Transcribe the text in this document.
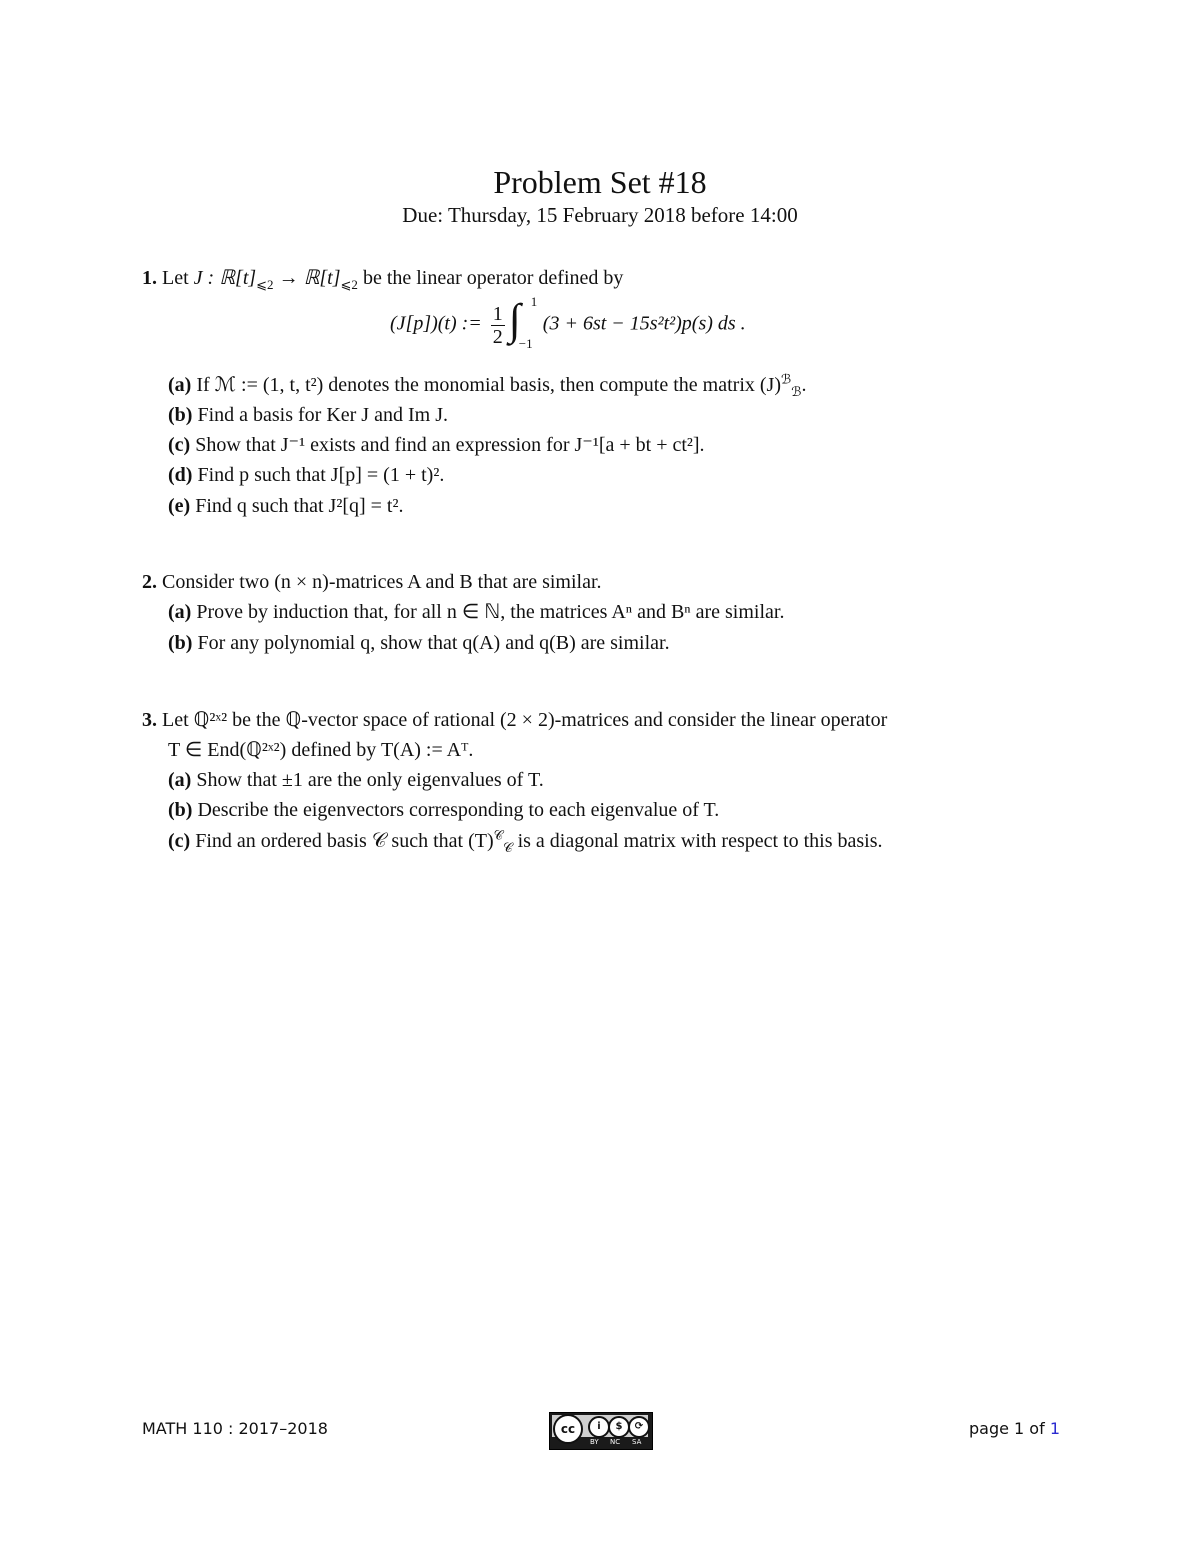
Problem Set #18
Due: Thursday, 15 February 2018 before 14:00
1. Let J : $ℝ[t]_{⩽2}$ → $ℝ[t]_{⩽2}$ be the linear operator defined by
(J[p])(t) := $\frac{1}{2}$ ∫ 1
−1
(3 + 6st − 15s²t²)p(s) ds .
(a) If ℳ := (1, t, t²) denotes the monomial basis, then compute the matrix $(J)^ℬ_ℬ$.
(b) Find a basis for Ker J and Im J.
(c) Show that J⁻¹ exists and find an expression for J⁻¹[a + bt + ct²].
(d) Find p such that J[p] = (1 + t)².
(e) Find q such that J²[q] = t².
2. Consider two (n × n)-matrices A and B that are similar.
(a) Prove by induction that, for all n ∈ ℕ, the matrices Aⁿ and Bⁿ are similar.
(b) For any polynomial q, show that q(A) and q(B) are similar.
3. Let ℚ²ˣ² be the ℚ-vector space of rational (2 × 2)-matrices and consider the linear operator
T ∈ End(ℚ²ˣ²) defined by T(A) := Aᵀ.
(a) Show that ±1 are the only eigenvalues of T.
(b) Describe the eigenvectors corresponding to each eigenvalue of T.
(c) Find an ordered basis 𝒞 such that $(T)^𝒞_𝒞$ is a diagonal matrix with respect to this basis.
MATH 110 : 2017–2018	cc	i	$	⟳
BY NC SA
page 1 of 1
